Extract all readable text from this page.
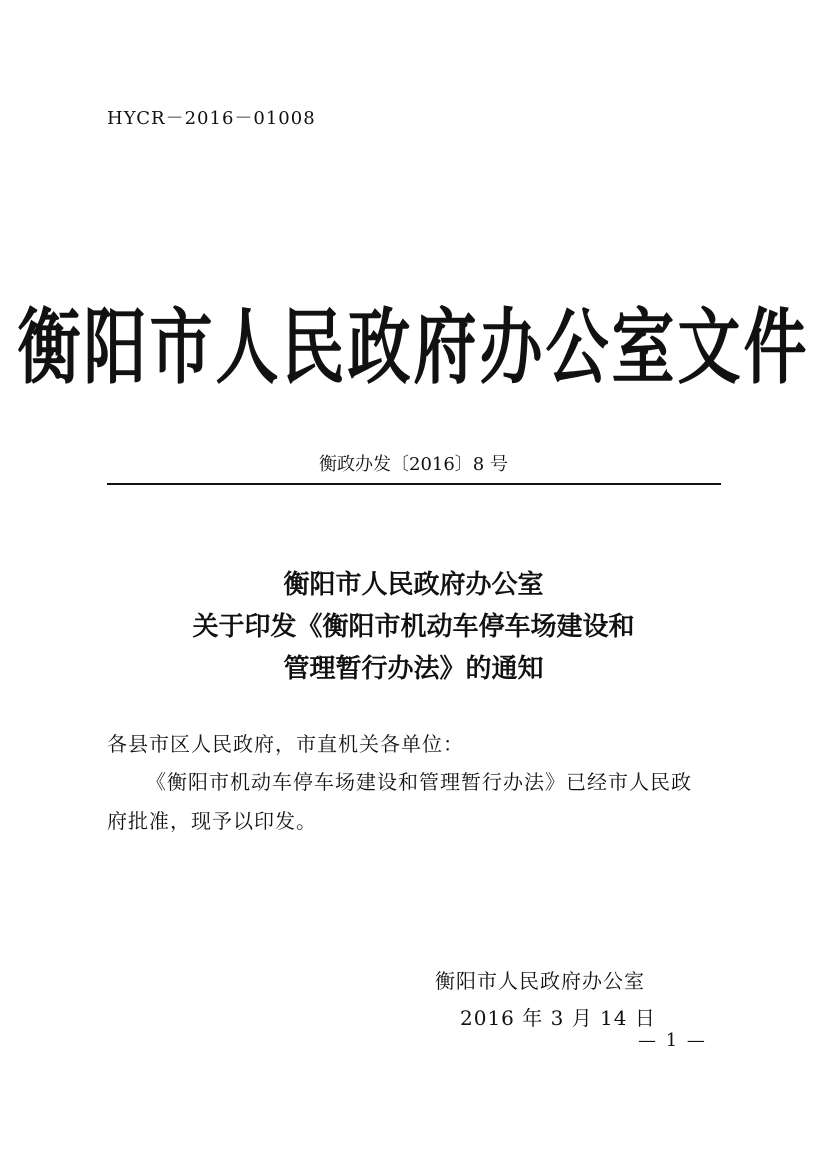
HYCR－2016－01008
衡阳市人民政府办公室文件
衡政办发〔2016〕8 号
衡阳市人民政府办公室
关于印发《衡阳市机动车停车场建设和
管理暂行办法》的通知
各县市区人民政府，市直机关各单位：
《衡阳市机动车停车场建设和管理暂行办法》已经市人民政
府批准，现予以印发。
衡阳市人民政府办公室
2016 年 3 月 14 日
— 1 —
